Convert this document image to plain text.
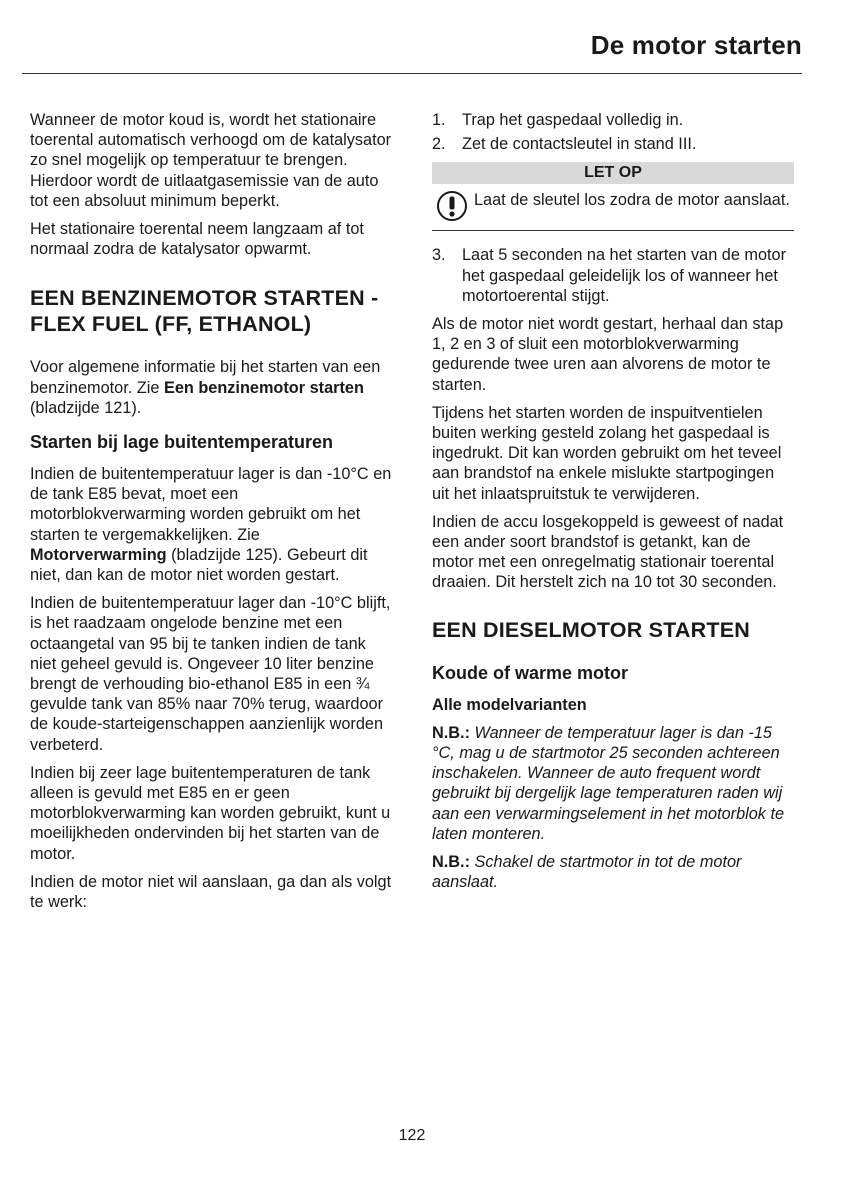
De motor starten

Wanneer de motor koud is, wordt het stationaire toerental automatisch verhoogd om de katalysator zo snel mogelijk op temperatuur te brengen. Hierdoor wordt de uitlaatgasemissie van de auto tot een absoluut minimum beperkt.

Het stationaire toerental neem langzaam af tot normaal zodra de katalysator opwarmt.

EEN BENZINEMOTOR STARTEN - FLEX FUEL (FF, ETHANOL)

Voor algemene informatie bij het starten van een benzinemotor. Zie Een benzinemotor starten (bladzijde 121).

Starten bij lage buitentemperaturen

Indien de buitentemperatuur lager is dan -10°C en de tank E85 bevat, moet een motorblokverwarming worden gebruikt om het starten te vergemakkelijken. Zie Motorverwarming (bladzijde 125). Gebeurt dit niet, dan kan de motor niet worden gestart.

Indien de buitentemperatuur lager dan -10°C blijft, is het raadzaam ongelode benzine met een octaangetal van 95 bij te tanken indien de tank niet geheel gevuld is. Ongeveer 10 liter benzine brengt de verhouding bio-ethanol E85 in een ¾ gevulde tank van 85% naar 70% terug, waardoor de koude-starteigenschappen aanzienlijk worden verbeterd.

Indien bij zeer lage buitentemperaturen de tank alleen is gevuld met E85 en er geen motorblokverwarming kan worden gebruikt, kunt u moeilijkheden ondervinden bij het starten van de motor.

Indien de motor niet wil aanslaan, ga dan als volgt te werk:

1.	Trap het gaspedaal volledig in.
2.	Zet de contactsleutel in stand III.
LET OP
Laat de sleutel los zodra de motor aanslaat.
3.	Laat 5 seconden na het starten van de motor het gaspedaal geleidelijk los of wanneer het motortoerental stijgt.

Als de motor niet wordt gestart, herhaal dan stap 1, 2 en 3 of sluit een motorblokverwarming gedurende twee uren aan alvorens de motor te starten.

Tijdens het starten worden de inspuitventielen buiten werking gesteld zolang het gaspedaal is ingedrukt. Dit kan worden gebruikt om het teveel aan brandstof na enkele mislukte startpogingen uit het inlaatspruitstuk te verwijderen.

Indien de accu losgekoppeld is geweest of nadat een ander soort brandstof is getankt, kan de motor met een onregelmatig stationair toerental draaien. Dit herstelt zich na 10 tot 30 seconden.

EEN DIESELMOTOR STARTEN
Koude of warme motor
Alle modelvarianten

N.B.: Wanneer de temperatuur lager is dan -15 °C, mag u de startmotor 25 seconden achtereen inschakelen. Wanneer de auto frequent wordt gebruikt bij dergelijk lage temperaturen raden wij aan een verwarmingselement in het motorblok te laten monteren.

N.B.: Schakel de startmotor in tot de motor aanslaat.

122
